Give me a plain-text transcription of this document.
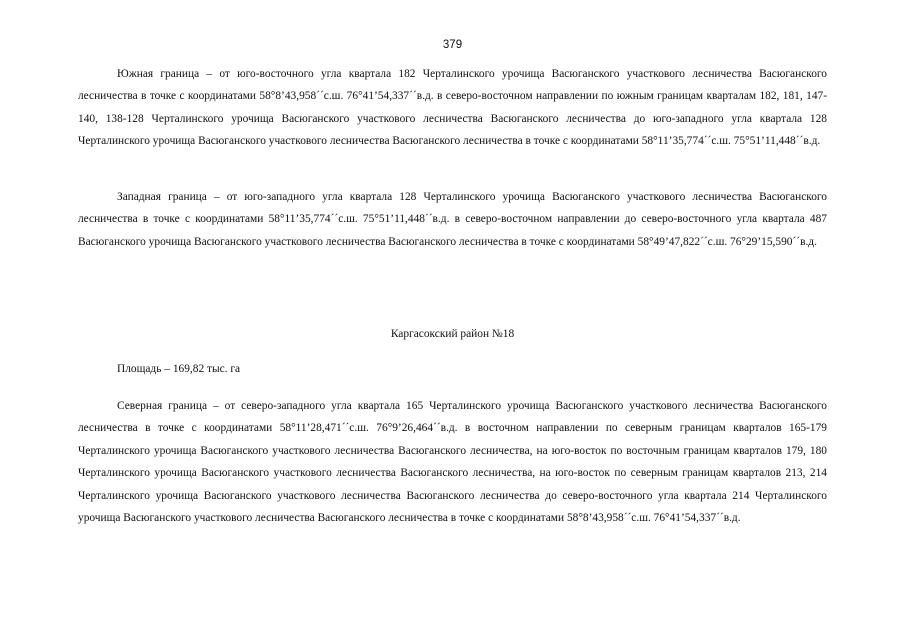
379

Южная граница – от юго-восточного угла квартала 182 Черталинского урочища Васюганского участкового лесничества Васюганского лесничества в точке с координатами 58°8’43,958´´с.ш. 76°41’54,337´´в.д. в северо-восточном направлении по южным границам кварталам 182, 181, 147-140, 138-128 Черталинского урочища Васюганского участкового лесничества Васюганского лесничества до юго-западного угла квартала 128 Черталинского урочища Васюганского участкового лесничества Васюганского лесничества в точке с координатами 58°11’35,774´´с.ш. 75°51’11,448´´в.д.

Западная граница – от юго-западного угла квартала 128 Черталинского урочища Васюганского участкового лесничества Васюганского лесничества в точке с координатами 58°11’35,774´´с.ш. 75°51’11,448´´в.д. в северо-восточном направлении до северо-восточного угла квартала 487 Васюганского урочища Васюганского участкового лесничества Васюганского лесничества в точке с координатами 58°49’47,822´´с.ш. 76°29’15,590´´в.д.

Каргасокский район №18

Площадь – 169,82 тыс. га

Северная граница – от северо-западного угла квартала 165 Черталинского урочища Васюганского участкового лесничества Васюганского лесничества в точке с координатами 58°11’28,471´´с.ш. 76°9’26,464´´в.д. в восточном направлении по северным границам кварталов 165-179 Черталинского урочища Васюганского участкового лесничества Васюганского лесничества, на юго-восток по восточным границам кварталов 179, 180 Черталинского урочища Васюганского участкового лесничества Васюганского лесничества, на юго-восток по северным границам кварталов 213, 214 Черталинского урочища Васюганского участкового лесничества Васюганского лесничества до северо-восточного угла квартала 214 Черталинского урочища Васюганского участкового лесничества Васюганского лесничества в точке с координатами 58°8’43,958´´с.ш. 76°41’54,337´´в.д.
